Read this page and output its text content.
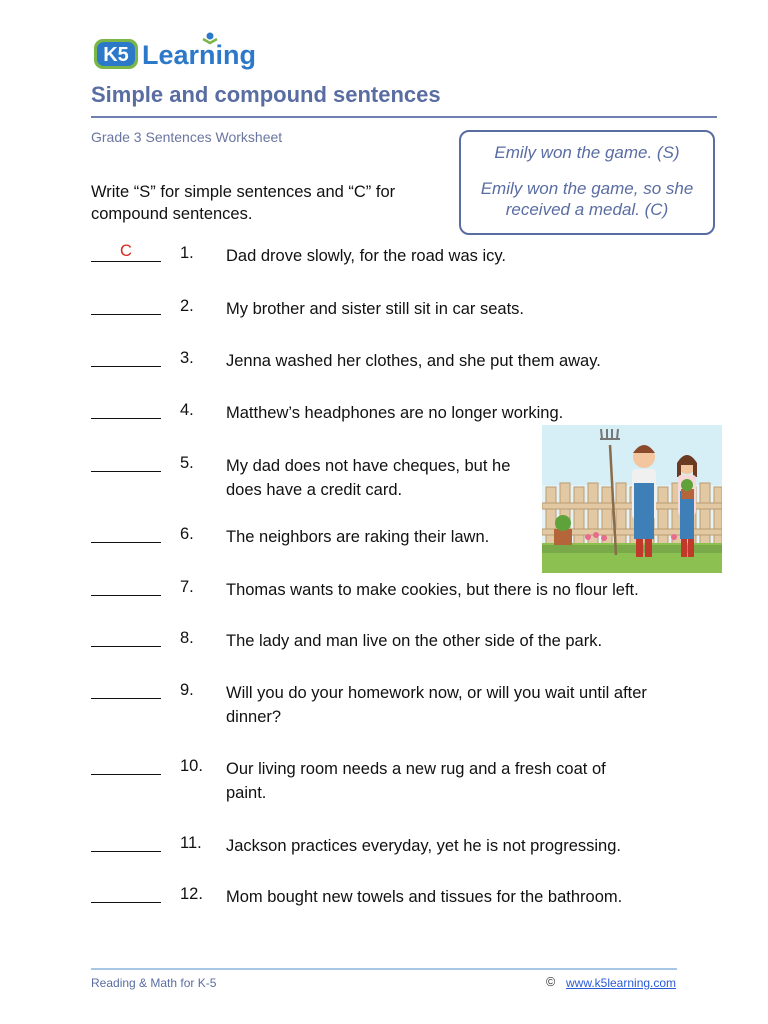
K5 Learning
Simple and compound sentences
Grade 3 Sentences Worksheet
Emily won the game. (S)
Emily won the game, so she received a medal. (C)
Write “S” for simple sentences and “C” for compound sentences.
C	1. Dad drove slowly, for the road was icy.
2. My brother and sister still sit in car seats.
3. Jenna washed her clothes, and she put them away.
4. Matthew’s headphones are no longer working.
5. My dad does not have cheques, but he does have a credit card.
6. The neighbors are raking their lawn.
7. Thomas wants to make cookies, but there is no flour left.
8. The lady and man live on the other side of the park.
9. Will you do your homework now, or will you wait until after dinner?
10. Our living room needs a new rug and a fresh coat of paint.
11. Jackson practices everyday, yet he is not progressing.
12. Mom bought new towels and tissues for the bathroom.
Reading & Math for K-5	© www.k5learning.com
